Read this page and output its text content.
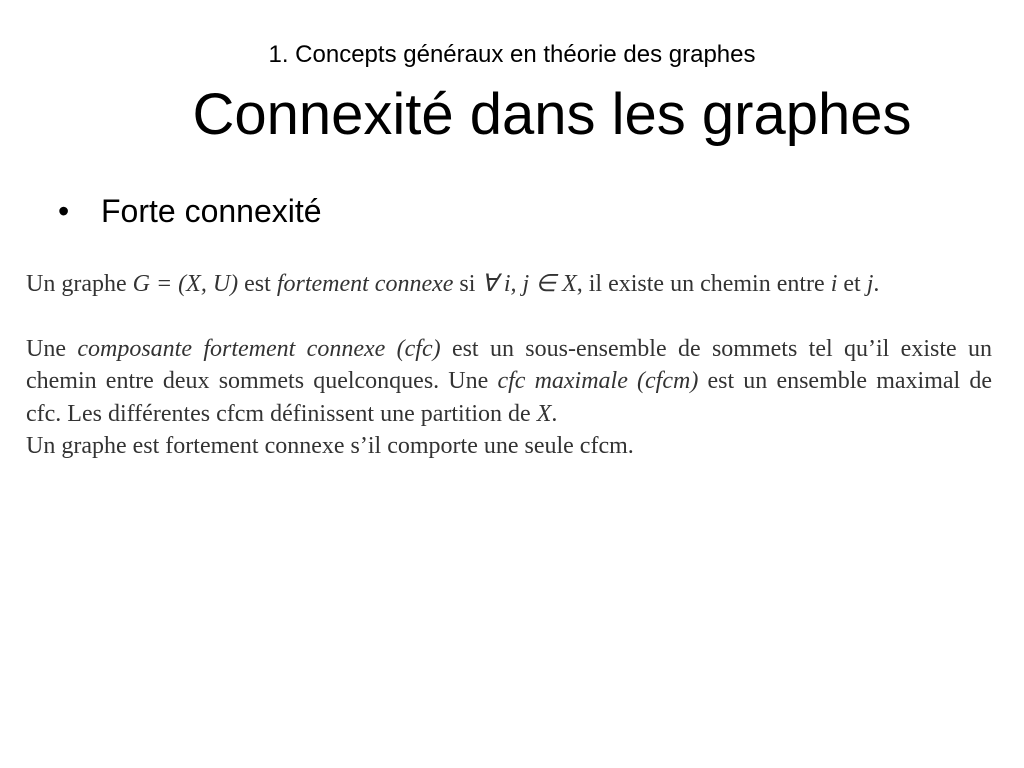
1. Concepts généraux en théorie des graphes
Connexité dans les graphes
• Forte connexité

Un graphe G = (X, U) est fortement connexe si ∀ i, j ∈ X, il existe un chemin entre i et j.

Une composante fortement connexe (cfc) est un sous-ensemble de sommets tel qu’il existe un chemin entre deux sommets quelconques. Une cfc maximale (cfcm) est un ensemble maximal de cfc. Les différentes cfcm définissent une partition de X.

Un graphe est fortement connexe s’il comporte une seule cfcm.
